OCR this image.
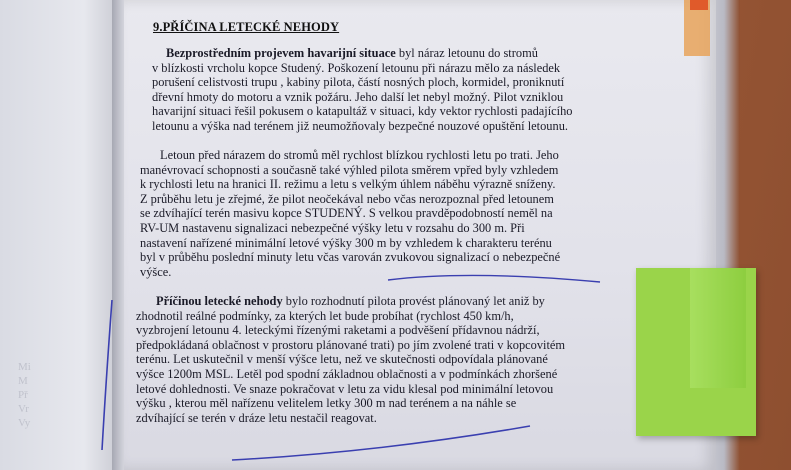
Mi
M
Př
Vr
Vy
9.PŘÍČINA LETECKÉ NEHODY
Bezprostředním projevem havarijní situace byl náraz letounu do stromů
v blízkosti vrcholu kopce Studený. Poškození letounu při nárazu mělo za následek
porušení celistvosti trupu , kabiny pilota, částí nosných ploch, kormidel, proniknutí
dřevní hmoty do motoru a vznik požáru. Jeho další let nebyl možný. Pilot vzniklou
havarijní situaci řešil pokusem o katapultáž v situaci, kdy vektor rychlosti padajícího
letounu a výška nad terénem již neumožňovaly bezpečné nouzové opuštění letounu.
Letoun před nárazem do stromů měl rychlost blízkou rychlosti letu po trati. Jeho
manévrovací schopnosti a současně také výhled pilota směrem vpřed byly vzhledem
k rychlosti letu na hranici II. režimu a letu s velkým úhlem náběhu výrazně sníženy.
Z průběhu letu je zřejmé, že pilot neočekával nebo včas nerozpoznal před letounem
se zdvíhající terén masivu kopce STUDENÝ. S velkou pravděpodobností neměl na
RV-UM nastavenu signalizaci nebezpečné výšky letu v rozsahu do 300 m. Při
nastavení nařízené minimální letové výšky 300 m by vzhledem k charakteru terénu
byl v průběhu poslední minuty letu včas varován zvukovou signalizací o nebezpečné
výšce.
Příčinou letecké nehody bylo rozhodnutí pilota provést plánovaný let aniž by
zhodnotil reálné podmínky, za kterých let bude probíhat (rychlost 450 km/h,
vyzbrojení letounu 4. leteckými řízenými raketami a podvěšení přídavnou nádrží,
předpokládaná oblačnost v prostoru plánované trati) po jím zvolené trati v kopcovitém
terénu. Let uskutečnil v menší výšce letu, než ve skutečnosti odpovídala plánované
výšce 1200m MSL. Letěl pod spodní základnou oblačnosti a v podmínkách zhoršené
letové dohlednosti. Ve snaze pokračovat v letu za vidu klesal pod minimální letovou
výšku , kterou měl nařízenu velitelem letky 300 m nad terénem a na náhle se
zdvíhající se terén v dráze letu nestačil reagovat.
